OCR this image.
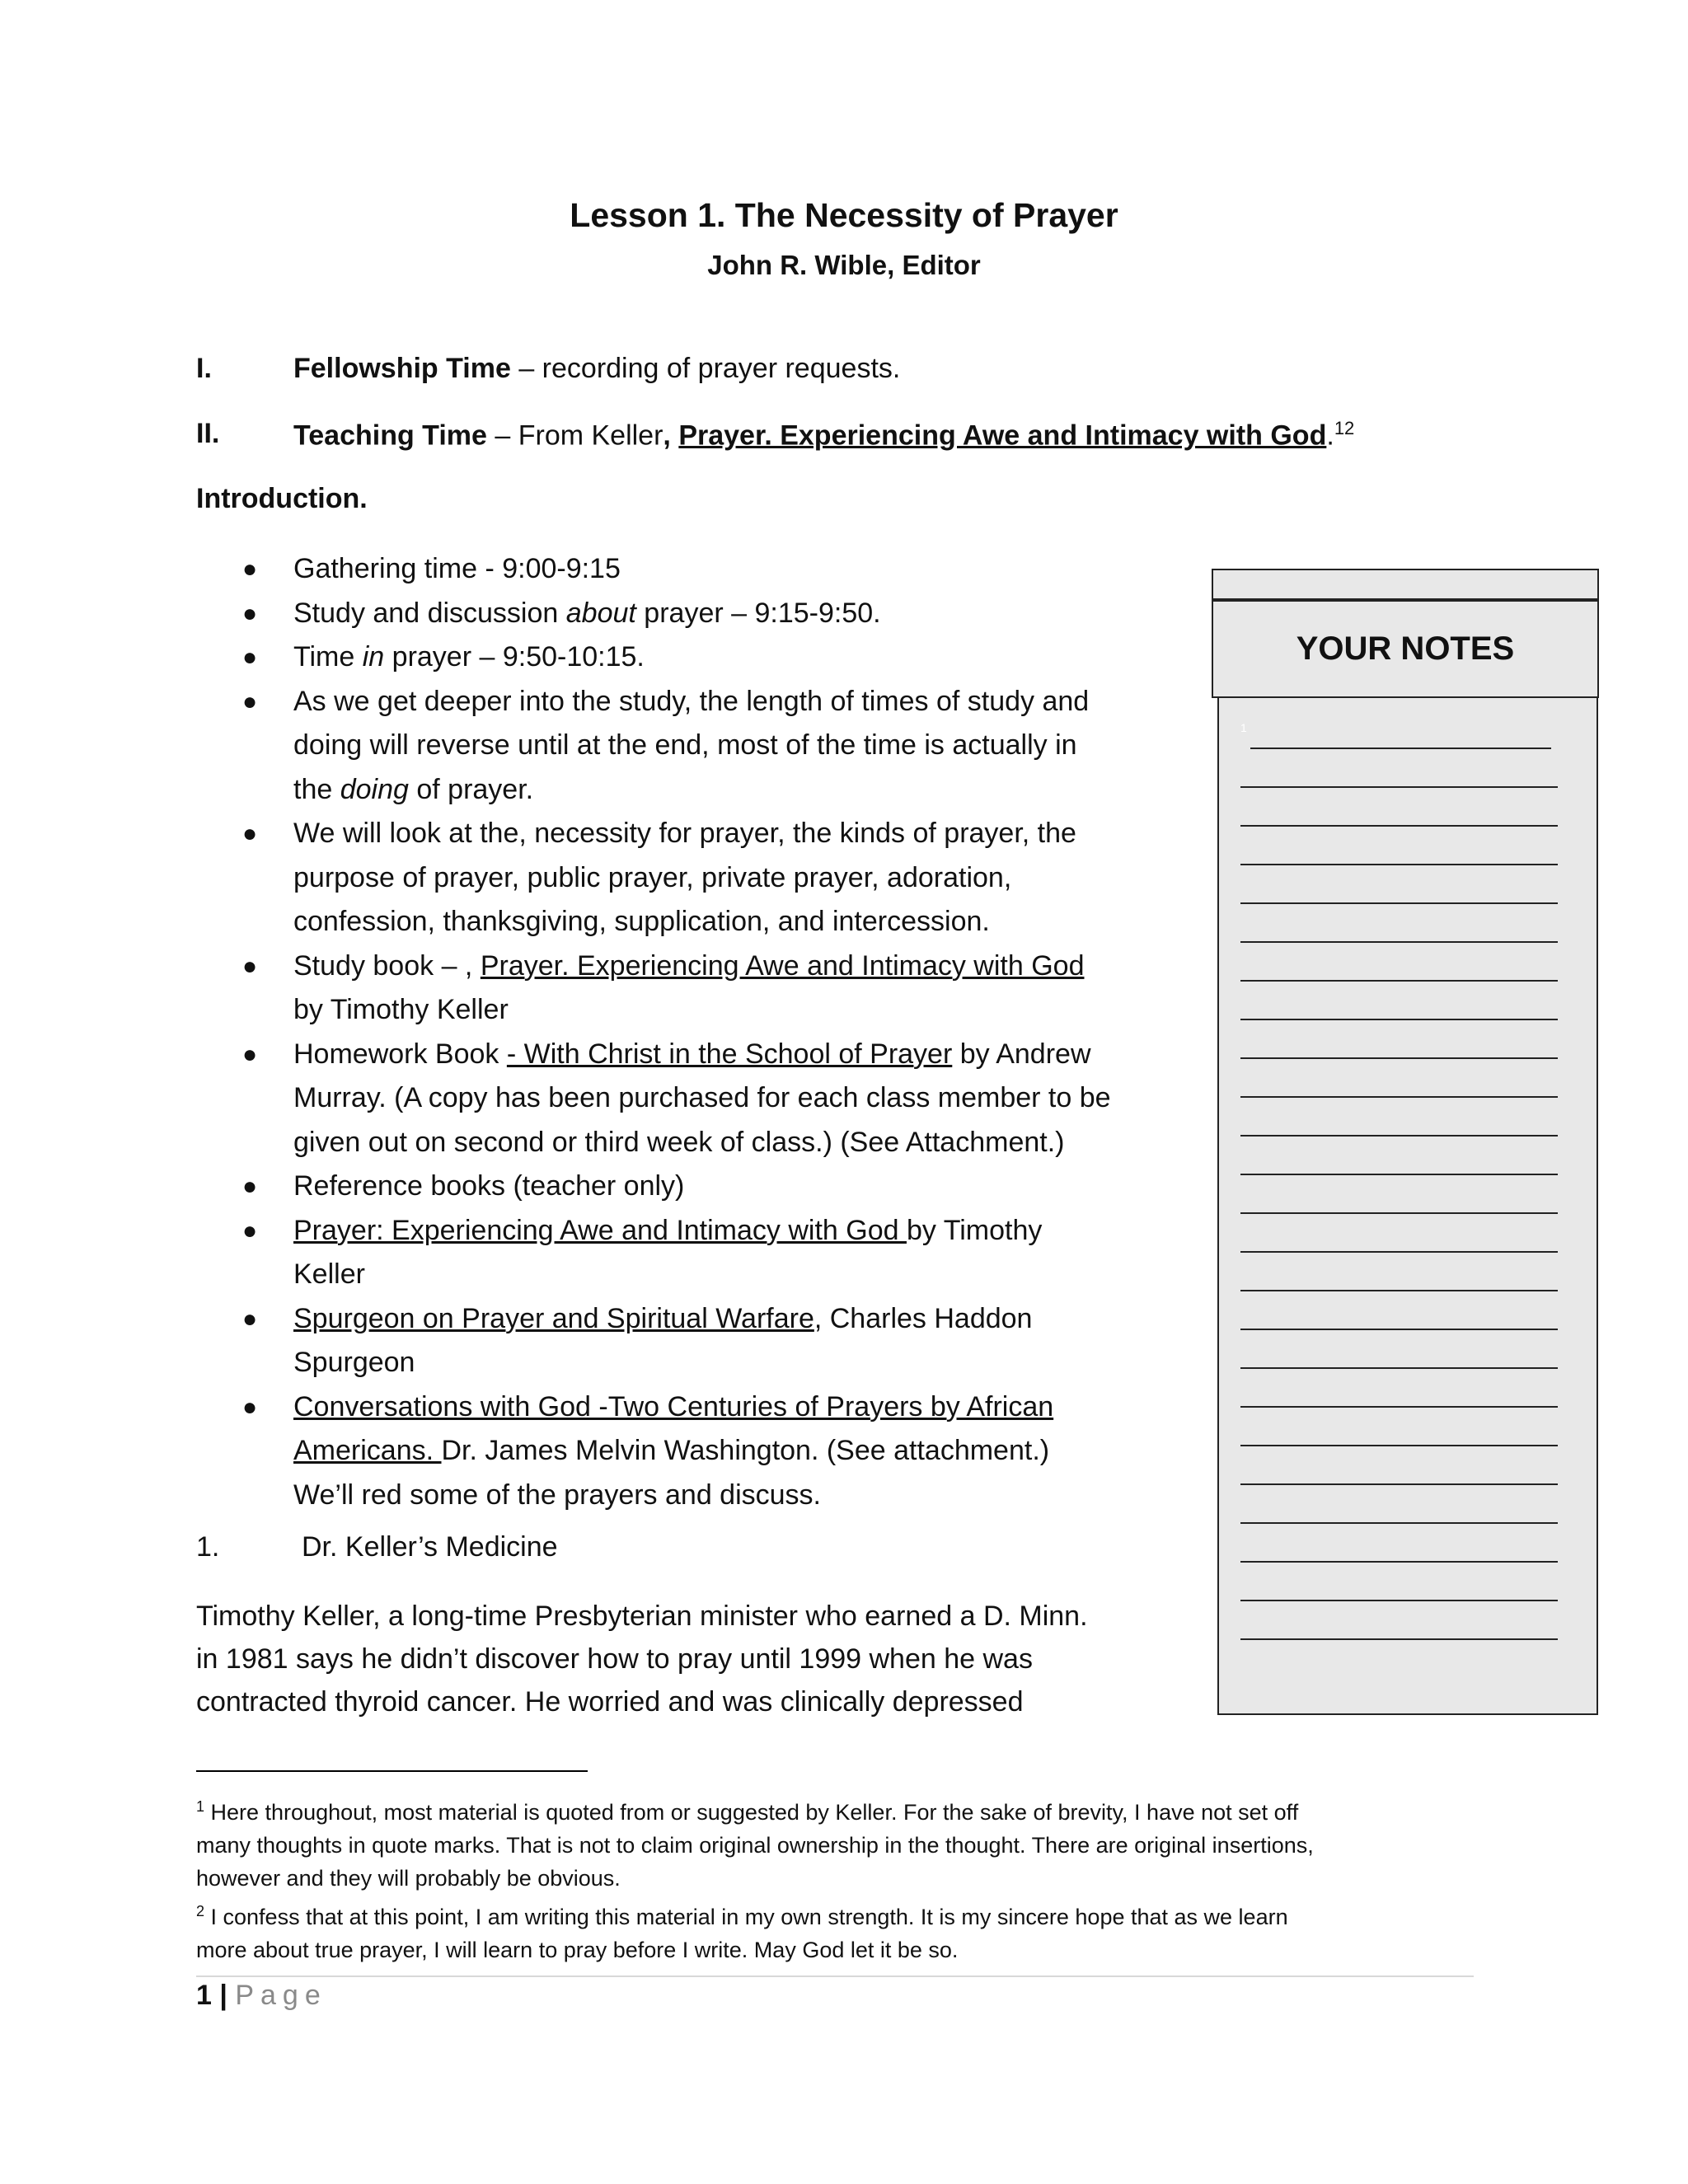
Lesson 1. The Necessity of Prayer
John R. Wible, Editor
I.	Fellowship Time – recording of prayer requests.
II.	Teaching Time – From Keller, Prayer. Experiencing Awe and Intimacy with God.$^{12}$
Introduction.
● Gathering time - 9:00-9:15
● Study and discussion about prayer – 9:15-9:50.
● Time in prayer – 9:50-10:15.
● As we get deeper into the study, the length of times of study and
doing will reverse until at the end, most of the time is actually in
the doing of prayer.
● We will look at the, necessity for prayer, the kinds of prayer, the
purpose of prayer, public prayer, private prayer, adoration,
confession, thanksgiving, supplication, and intercession.
● Study book – , Prayer. Experiencing Awe and Intimacy with God
by Timothy Keller
● Homework Book - With Christ in the School of Prayer by Andrew
Murray. (A copy has been purchased for each class member to be
given out on second or third week of class.) (See Attachment.)
● Reference books (teacher only)
● Prayer: Experiencing Awe and Intimacy with God by Timothy
Keller
● Spurgeon on Prayer and Spiritual Warfare, Charles Haddon
Spurgeon
● Conversations with God -Two Centuries of Prayers by African
Americans. Dr. James Melvin Washington. (See attachment.)
We’ll red some of the prayers and discuss.
1.	Dr. Keller’s Medicine
Timothy Keller, a long-time Presbyterian minister who earned a D. Minn.
in 1981 says he didn’t discover how to pray until 1999 when he was
contracted thyroid cancer. He worried and was clinically depressed
$^1$ Here throughout, most material is quoted from or suggested by Keller. For the sake of brevity, I have not set off
many thoughts in quote marks. That is not to claim original ownership in the thought. There are original insertions,
however and they will probably be obvious.
$^2$ I confess that at this point, I am writing this material in my own strength. It is my sincere hope that as we learn
more about true prayer, I will learn to pray before I write. May God let it be so.
1 | Page
YOUR NOTES
1
